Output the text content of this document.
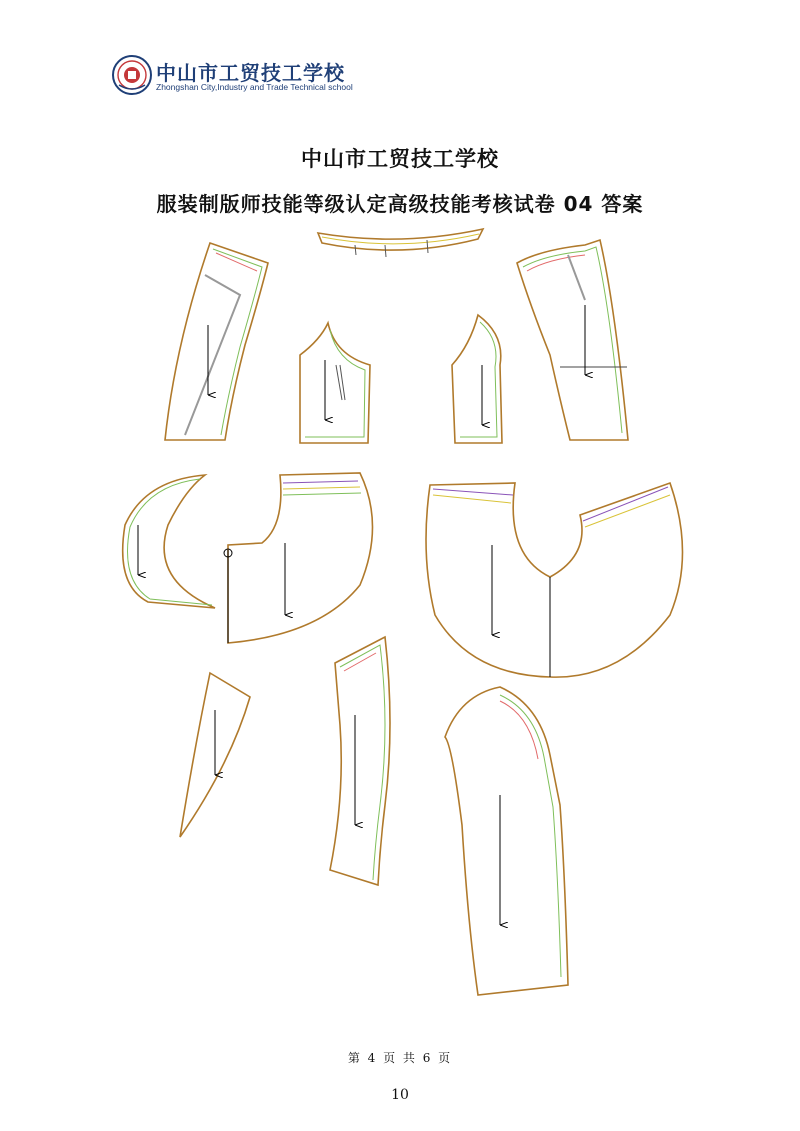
中山市工贸技工学校
Zhongshan City,Industry and Trade Technical school
中山市工贸技工学校
服装制版师技能等级认定高级技能考核试卷 04 答案
第 4 页 共 6 页
10
